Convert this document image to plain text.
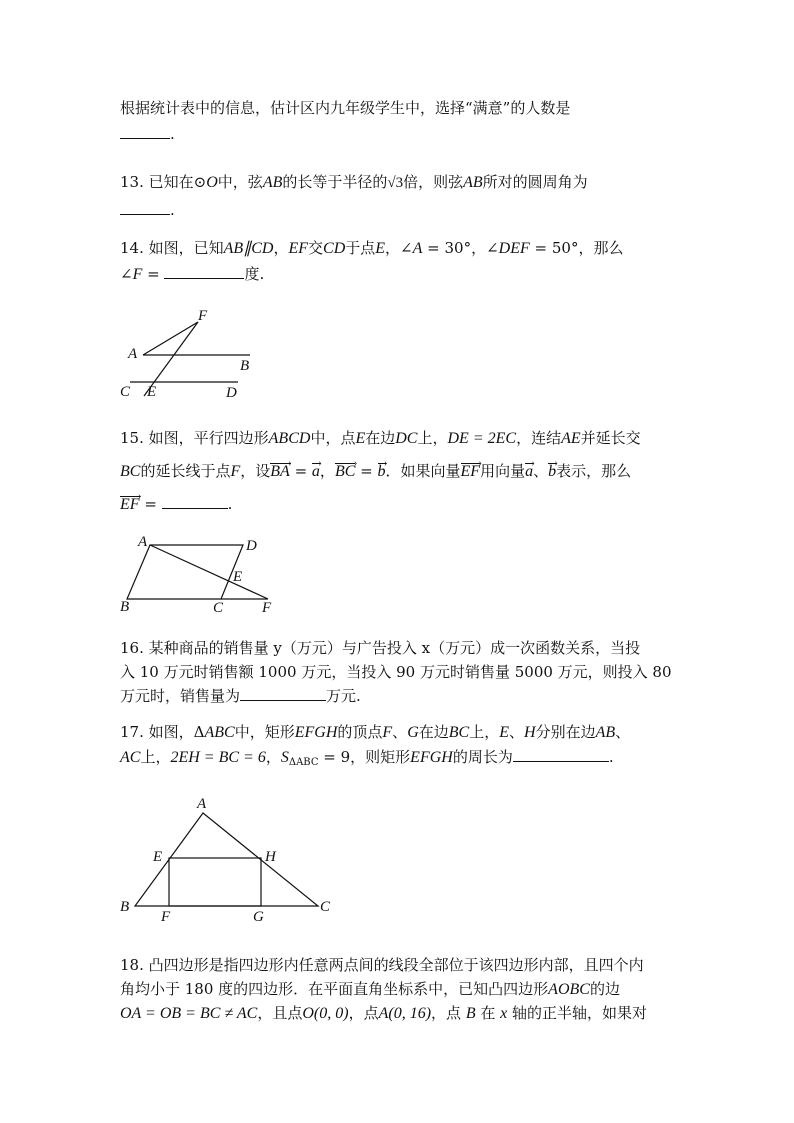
根据统计表中的信息，估计区内九年级学生中，选择“满意”的人数是
.
13. 已知在⊙O中，弦AB的长等于半径的√3倍，则弦AB所对的圆周角为
.
14. 如图，已知AB∥CD，EF交CD于点E，∠A = 30°，∠DEF = 50°，那么
∠F =	度.
15. 如图，平行四边形ABCD中，点E在边DC上，DE = 2EC，连结AE并延长交
BC的延长线于点F，设BA › = a ›，BC › = b ›．如果向量EF ›用向量a ›、b ›表示，那么
EF › =	.
16. 某种商品的销售量 y（万元）与广告投入 x（万元）成一次函数关系，当投
入 10 万元时销售额 1000 万元，当投入 90 万元时销售量 5000 万元，则投入 80
万元时，销售量为	万元.
17. 如图，ΔABC中，矩形EFGH的顶点F、G在边BC上，E、H分别在边AB、
AC上，2EH = BC = 6，$S_{\Delta ABC} = 9$，则矩形EFGH的周长为	.
18. 凸四边形是指四边形内任意两点间的线段全部位于该四边形内部，且四个内
角均小于 180 度的四边形．在平面直角坐标系中，已知凸四边形AOBC的边
OA = OB = BC ≠ AC，且点O(0, 0)，点A(0, 16)，点 B 在 x 轴的正半轴，如果对
F
A
B
C E	D
A	D
E
B	C	F
A
E	H
B
F	G
C
